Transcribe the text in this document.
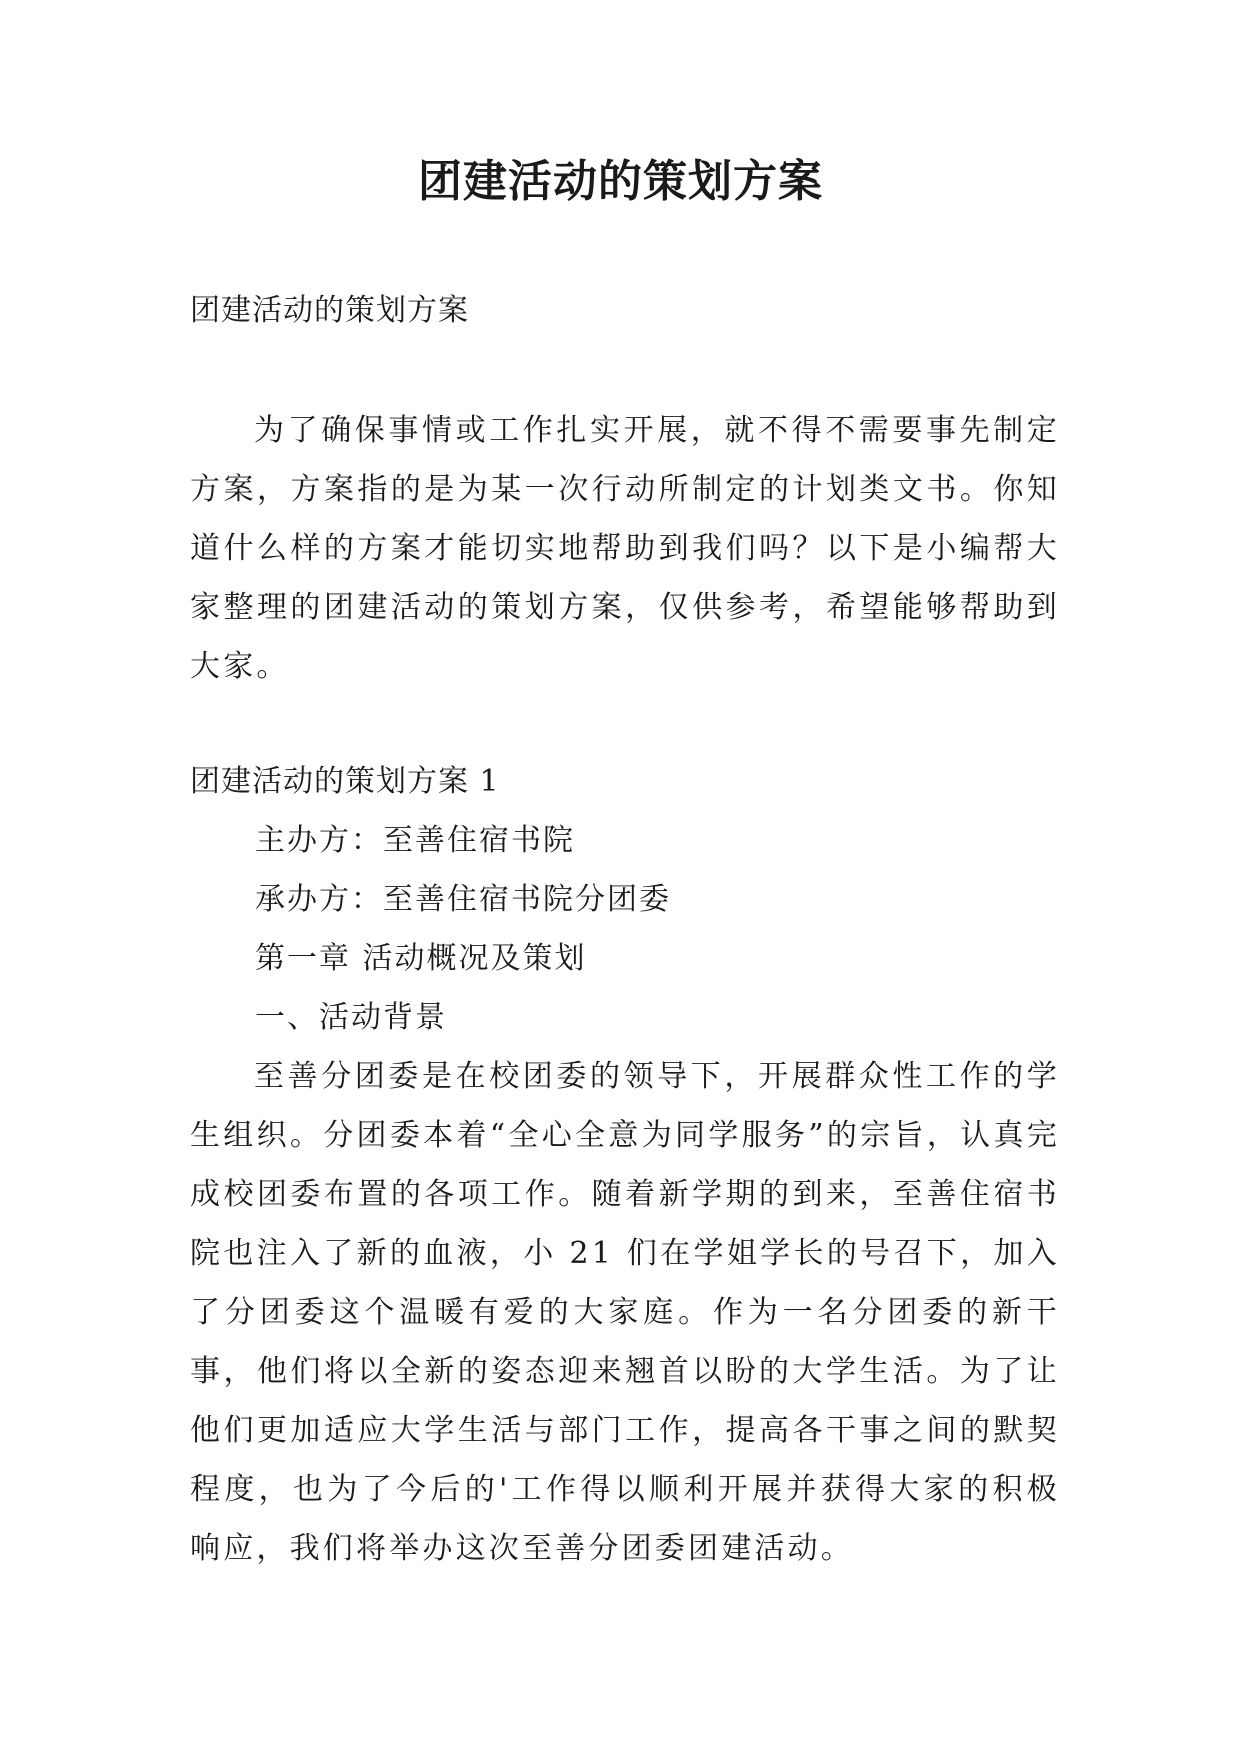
团建活动的策划方案
团建活动的策划方案

为了确保事情或工作扎实开展，就不得不需要事先制定方案，方案指的是为某一次行动所制定的计划类文书。你知道什么样的方案才能切实地帮助到我们吗？以下是小编帮大家整理的团建活动的策划方案，仅供参考，希望能够帮助到大家。

团建活动的策划方案 1
主办方：至善住宿书院
承办方：至善住宿书院分团委
第一章 活动概况及策划
一、活动背景

至善分团委是在校团委的领导下，开展群众性工作的学生组织。分团委本着“全心全意为同学服务”的宗旨，认真完成校团委布置的各项工作。随着新学期的到来，至善住宿书院也注入了新的血液，小 21 们在学姐学长的号召下，加入了分团委这个温暖有爱的大家庭。作为一名分团委的新干事，他们将以全新的姿态迎来翘首以盼的大学生活。为了让他们更加适应大学生活与部门工作，提高各干事之间的默契程度，也为了今后的'工作得以顺利开展并获得大家的积极响应，我们将举办这次至善分团委团建活动。
